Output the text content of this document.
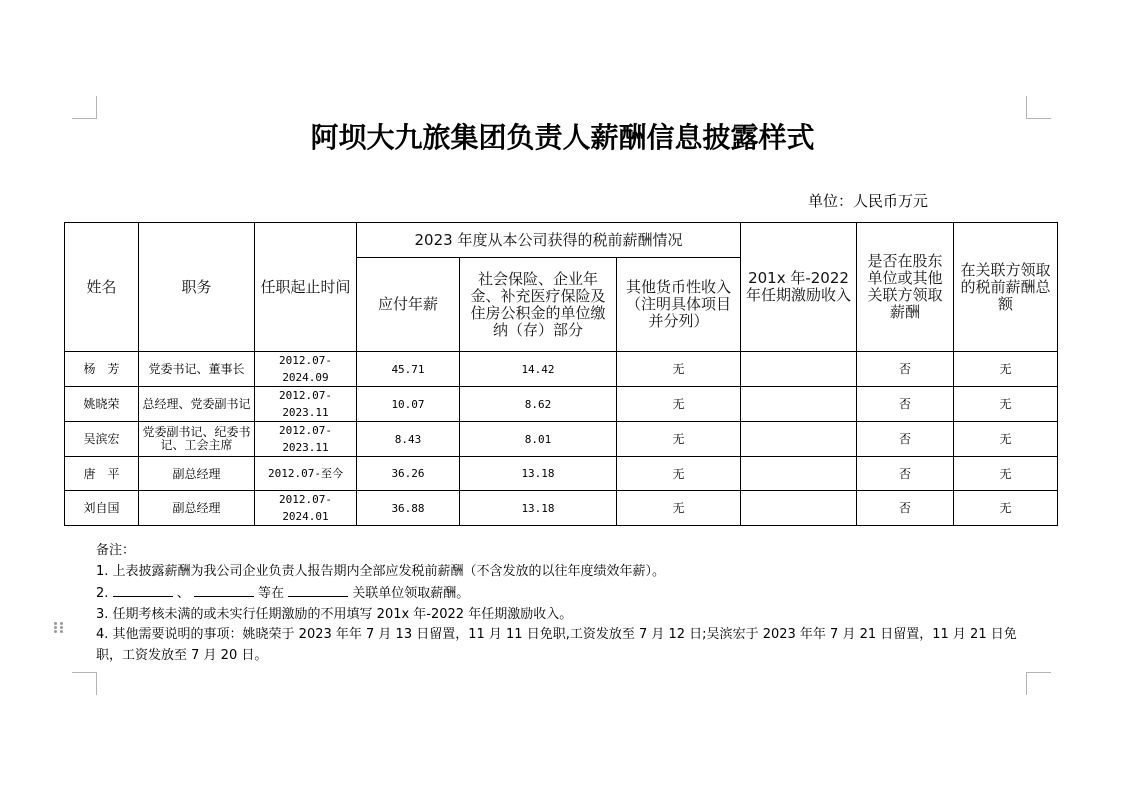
阿坝大九旅集团负责人薪酬信息披露样式
单位：人民币万元
姓名	职务	任职起止时间	2023 年度从本公司获得的税前薪酬情况			201x 年-2022 年任期激励收入	是否在股东单位或其他关联方领取薪酬	在关联方领取的税前薪酬总额
			应付年薪	社会保险、企业年金、补充医疗保险及住房公积金的单位缴纳（存）部分	其他货币性收入（注明具体项目并分列）			
杨　芳	党委书记、董事长	2012.07-2024.09	45.71	14.42	无		否	无
姚晓荣	总经理、党委副书记	2012.07-2023.11	10.07	8.62	无		否	无
吴滨宏	党委副书记、纪委书记、工会主席	2012.07-2023.11	8.43	8.01	无		否	无
唐　平	副总经理	2012.07-至今	36.26	13.18	无		否	无
刘自国	副总经理	2012.07-2024.01	36.88	13.18	无		否	无
备注：
1. 上表披露薪酬为我公司企业负责人报告期内全部应发税前薪酬（不含发放的以往年度绩效年薪）。
2.	、	等在	关联单位领取薪酬。
3. 任期考核未满的或未实行任期激励的不用填写 201x 年-2022 年任期激励收入。
4. 其他需要说明的事项：姚晓荣于 2023 年年 7 月 13 日留置，11 月 11 日免职,工资发放至 7 月 12 日;吴滨宏于 2023 年年 7 月 21 日留置，11 月 21 日免
职，工资发放至 7 月 20 日。
